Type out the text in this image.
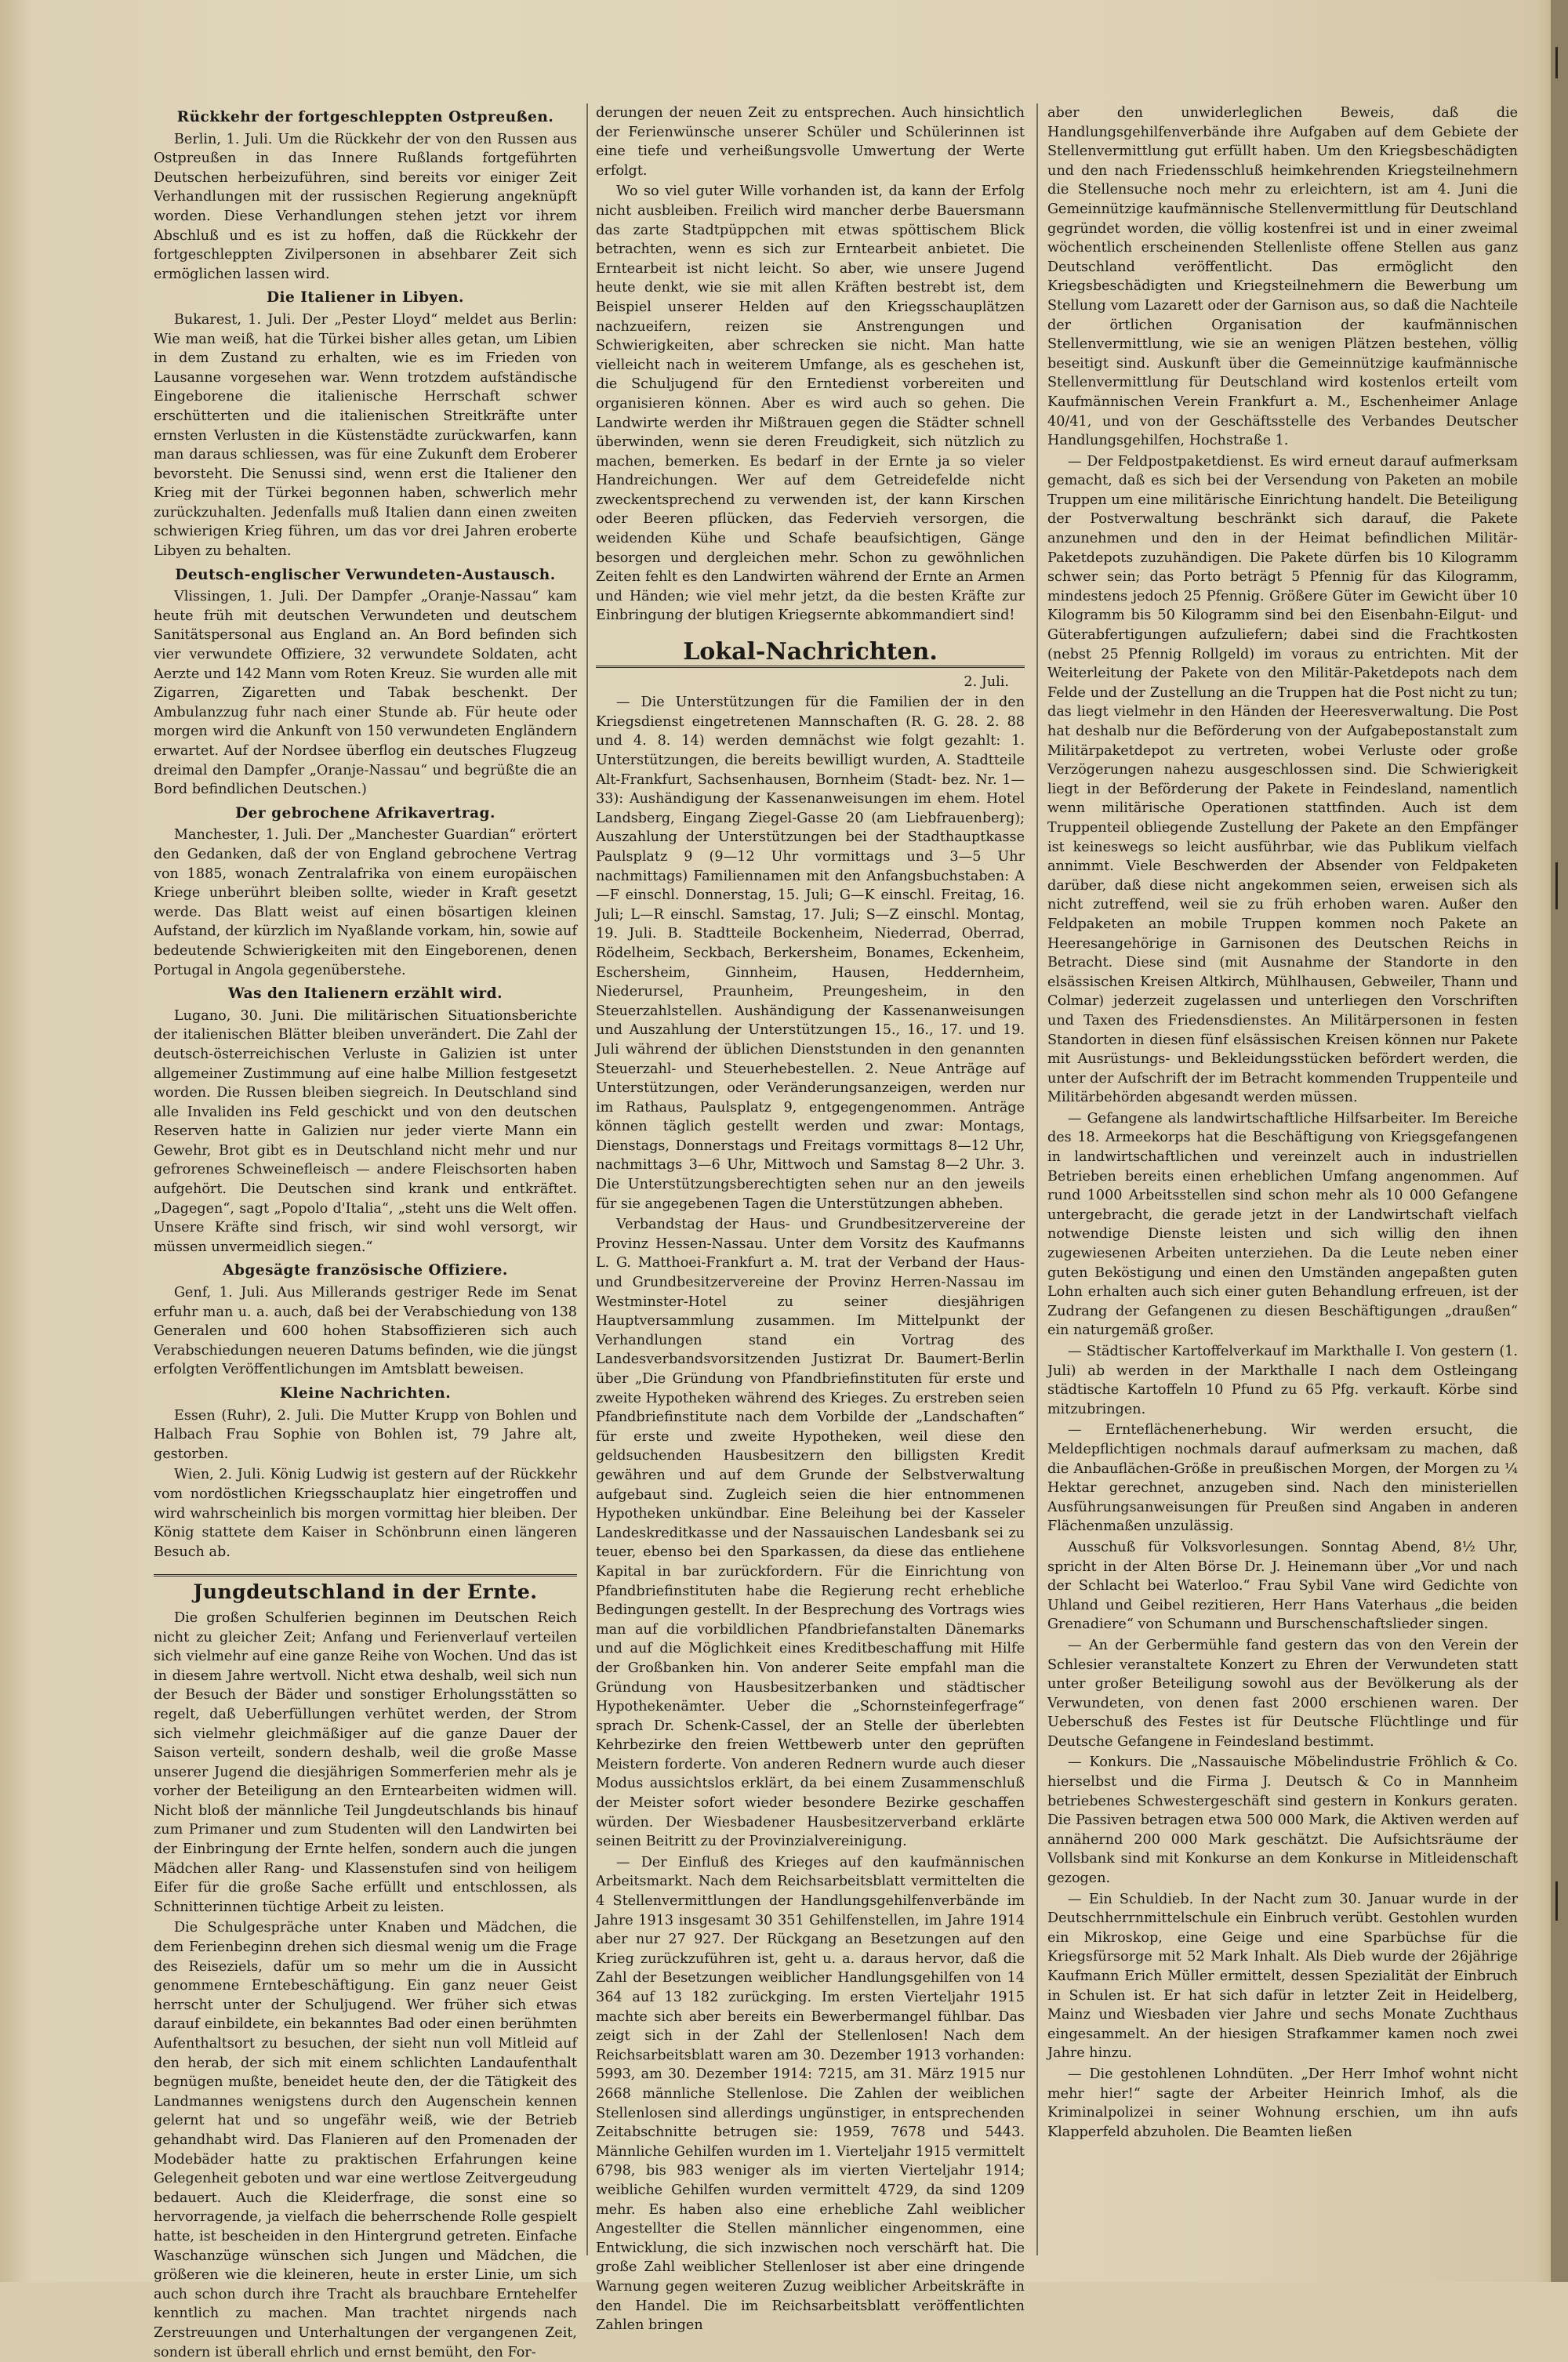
Rückkehr der fortgeschleppten Ostpreußen.

Berlin, 1. Juli. Um die Rückkehr der von den Russen aus Ostpreußen in das Innere Rußlands fortgeführten Deutschen herbeizuführen, sind bereits vor einiger Zeit Verhandlungen mit der russischen Regierung angeknüpft worden. Diese Verhandlungen stehen jetzt vor ihrem Abschluß und es ist zu hoffen, daß die Rückkehr der fortgeschleppten Zivilpersonen in absehbarer Zeit sich ermöglichen lassen wird.

Die Italiener in Libyen.

Bukarest, 1. Juli. Der „Pester Lloyd“ meldet aus Berlin: Wie man weiß, hat die Türkei bisher alles getan, um Libien in dem Zustand zu erhalten, wie es im Frieden von Lausanne vorgesehen war. Wenn trotzdem aufständische Eingeborene die italienische Herrschaft schwer erschütterten und die italienischen Streitkräfte unter ernsten Verlusten in die Küstenstädte zurückwarfen, kann man daraus schliessen, was für eine Zukunft dem Eroberer bevorsteht. Die Senussi sind, wenn erst die Italiener den Krieg mit der Türkei begonnen haben, schwerlich mehr zurückzuhalten. Jedenfalls muß Italien dann einen zweiten schwierigen Krieg führen, um das vor drei Jahren eroberte Libyen zu behalten.

Deutsch-englischer Verwundeten-Austausch.

Vlissingen, 1. Juli. Der Dampfer „Oranje-Nassau“ kam heute früh mit deutschen Verwundeten und deutschem Sanitätspersonal aus England an. An Bord befinden sich vier verwundete Offiziere, 32 verwundete Soldaten, acht Aerzte und 142 Mann vom Roten Kreuz. Sie wurden alle mit Zigarren, Zigaretten und Tabak beschenkt. Der Ambulanzzug fuhr nach einer Stunde ab. Für heute oder morgen wird die Ankunft von 150 verwundeten Engländern erwartet. Auf der Nordsee überflog ein deutsches Flugzeug dreimal den Dampfer „Oranje-Nassau“ und begrüßte die an Bord befindlichen Deutschen.)

Der gebrochene Afrikavertrag.

Manchester, 1. Juli. Der „Manchester Guardian“ erörtert den Gedanken, daß der von England gebrochene Vertrag von 1885, wonach Zentralafrika von einem europäischen Kriege unberührt bleiben sollte, wieder in Kraft gesetzt werde. Das Blatt weist auf einen bösartigen kleinen Aufstand, der kürzlich im Nyaßlande vorkam, hin, sowie auf bedeutende Schwierigkeiten mit den Eingeborenen, denen Portugal in Angola gegenüberstehe.

Was den Italienern erzählt wird.

Lugano, 30. Juni. Die militärischen Situationsberichte der italienischen Blätter bleiben unverändert. Die Zahl der deutsch-österreichischen Verluste in Galizien ist unter allgemeiner Zustimmung auf eine halbe Million festgesetzt worden. Die Russen bleiben siegreich. In Deutschland sind alle Invaliden ins Feld geschickt und von den deutschen Reserven hatte in Galizien nur jeder vierte Mann ein Gewehr, Brot gibt es in Deutschland nicht mehr und nur gefrorenes Schweinefleisch — andere Fleischsorten haben aufgehört. Die Deutschen sind krank und entkräftet. „Dagegen“, sagt „Popolo d'Italia“, „steht uns die Welt offen. Unsere Kräfte sind frisch, wir sind wohl versorgt, wir müssen unvermeidlich siegen.“

Abgesägte französische Offiziere.

Genf, 1. Juli. Aus Millerands gestriger Rede im Senat erfuhr man u. a. auch, daß bei der Verabschiedung von 138 Generalen und 600 hohen Stabsoffizieren sich auch Verabschiedungen neueren Datums befinden, wie die jüngst erfolgten Veröffentlichungen im Amtsblatt beweisen.

Kleine Nachrichten.

Essen (Ruhr), 2. Juli. Die Mutter Krupp von Bohlen und Halbach Frau Sophie von Bohlen ist, 79 Jahre alt, gestorben.

Wien, 2. Juli. König Ludwig ist gestern auf der Rückkehr vom nordöstlichen Kriegsschauplatz hier eingetroffen und wird wahrscheinlich bis morgen vormittag hier bleiben. Der König stattete dem Kaiser in Schönbrunn einen längeren Besuch ab.

Jungdeutschland in der Ernte.

Die großen Schulferien beginnen im Deutschen Reich nicht zu gleicher Zeit; Anfang und Ferienverlauf verteilen sich vielmehr auf eine ganze Reihe von Wochen. Und das ist in diesem Jahre wertvoll. Nicht etwa deshalb, weil sich nun der Besuch der Bäder und sonstiger Erholungsstätten so regelt, daß Ueberfüllungen verhütet werden, der Strom sich vielmehr gleichmäßiger auf die ganze Dauer der Saison verteilt, sondern deshalb, weil die große Masse unserer Jugend die diesjährigen Sommerferien mehr als je vorher der Beteiligung an den Erntearbeiten widmen will. Nicht bloß der männliche Teil Jungdeutschlands bis hinauf zum Primaner und zum Studenten will den Landwirten bei der Einbringung der Ernte helfen, sondern auch die jungen Mädchen aller Rang- und Klassenstufen sind von heiligem Eifer für die große Sache erfüllt und entschlossen, als Schnitterinnen tüchtige Arbeit zu leisten.

Die Schulgespräche unter Knaben und Mädchen, die dem Ferienbeginn drehen sich diesmal wenig um die Frage des Reiseziels, dafür um so mehr um die in Aussicht genommene Erntebeschäftigung. Ein ganz neuer Geist herrscht unter der Schuljugend. Wer früher sich etwas darauf einbildete, ein bekanntes Bad oder einen berühmten Aufenthaltsort zu besuchen, der sieht nun voll Mitleid auf den herab, der sich mit einem schlichten Landaufenthalt begnügen mußte, beneidet heute den, der die Tätigkeit des Landmannes wenigstens durch den Augenschein kennen gelernt hat und so ungefähr weiß, wie der Betrieb gehandhabt wird. Das Flanieren auf den Promenaden der Modebäder hatte zu praktischen Erfahrungen keine Gelegenheit geboten und war eine wertlose Zeitvergeudung bedauert. Auch die Kleiderfrage, die sonst eine so hervorragende, ja vielfach die beherrschende Rolle gespielt hatte, ist bescheiden in den Hintergrund getreten. Einfache Waschanzüge wünschen sich Jungen und Mädchen, die größeren wie die kleineren, heute in erster Linie, um sich auch schon durch ihre Tracht als brauchbare Erntehelfer kenntlich zu machen. Man trachtet nirgends nach Zerstreuungen und Unterhaltungen der vergangenen Zeit, sondern ist überall ehrlich und ernst bemüht, den For-

derungen der neuen Zeit zu entsprechen. Auch hinsichtlich der Ferienwünsche unserer Schüler und Schülerinnen ist eine tiefe und verheißungsvolle Umwertung der Werte erfolgt.

Wo so viel guter Wille vorhanden ist, da kann der Erfolg nicht ausbleiben. Freilich wird mancher derbe Bauersmann das zarte Stadtpüppchen mit etwas spöttischem Blick betrachten, wenn es sich zur Erntearbeit anbietet. Die Erntearbeit ist nicht leicht. So aber, wie unsere Jugend heute denkt, wie sie mit allen Kräften bestrebt ist, dem Beispiel unserer Helden auf den Kriegsschauplätzen nachzueifern, reizen sie Anstrengungen und Schwierigkeiten, aber schrecken sie nicht. Man hatte vielleicht nach in weiterem Umfange, als es geschehen ist, die Schuljugend für den Erntedienst vorbereiten und organisieren können. Aber es wird auch so gehen. Die Landwirte werden ihr Mißtrauen gegen die Städter schnell überwinden, wenn sie deren Freudigkeit, sich nützlich zu machen, bemerken. Es bedarf in der Ernte ja so vieler Handreichungen. Wer auf dem Getreidefelde nicht zweckentsprechend zu verwenden ist, der kann Kirschen oder Beeren pflücken, das Federvieh versorgen, die weidenden Kühe und Schafe beaufsichtigen, Gänge besorgen und dergleichen mehr. Schon zu gewöhnlichen Zeiten fehlt es den Landwirten während der Ernte an Armen und Händen; wie viel mehr jetzt, da die besten Kräfte zur Einbringung der blutigen Kriegsernte abkommandiert sind!

Lokal-Nachrichten.

2. Juli.

— Die Unterstützungen für die Familien der in den Kriegsdienst eingetretenen Mannschaften (R. G. 28. 2. 88 und 4. 8. 14) werden demnächst wie folgt gezahlt: 1. Unterstützungen, die bereits bewilligt wurden, A. Stadtteile Alt-Frankfurt, Sachsenhausen, Bornheim (Stadt- bez. Nr. 1—33): Aushändigung der Kassenanweisungen im ehem. Hotel Landsberg, Eingang Ziegel-Gasse 20 (am Liebfrauenberg); Auszahlung der Unterstützungen bei der Stadthauptkasse Paulsplatz 9 (9—12 Uhr vormittags und 3—5 Uhr nachmittags) Familiennamen mit den Anfangsbuchstaben: A—F einschl. Donnerstag, 15. Juli; G—K einschl. Freitag, 16. Juli; L—R einschl. Samstag, 17. Juli; S—Z einschl. Montag, 19. Juli. B. Stadtteile Bockenheim, Niederrad, Oberrad, Rödelheim, Seckbach, Berkersheim, Bonames, Eckenheim, Eschersheim, Ginnheim, Hausen, Heddernheim, Niederursel, Praunheim, Preungesheim, in den Steuerzahlstellen. Aushändigung der Kassenanweisungen und Auszahlung der Unterstützungen 15., 16., 17. und 19. Juli während der üblichen Dienststunden in den genannten Steuerzahl- und Steuerhebestellen. 2. Neue Anträge auf Unterstützungen, oder Veränderungsanzeigen, werden nur im Rathaus, Paulsplatz 9, entgegengenommen. Anträge können täglich gestellt werden und zwar: Montags, Dienstags, Donnerstags und Freitags vormittags 8—12 Uhr, nachmittags 3—6 Uhr, Mittwoch und Samstag 8—2 Uhr. 3. Die Unterstützungsberechtigten sehen nur an den jeweils für sie angegebenen Tagen die Unterstützungen abheben.

Verbandstag der Haus- und Grundbesitzervereine der Provinz Hessen-Nassau. Unter dem Vorsitz des Kaufmanns L. G. Matthoei-Frankfurt a. M. trat der Verband der Haus- und Grundbesitzervereine der Provinz Herren-Nassau im Westminster-Hotel zu seiner diesjährigen Hauptversammlung zusammen. Im Mittelpunkt der Verhandlungen stand ein Vortrag des Landesverbandsvorsitzenden Justizrat Dr. Baumert-Berlin über „Die Gründung von Pfandbriefinstituten für erste und zweite Hypotheken während des Krieges. Zu erstreben seien Pfandbriefinstitute nach dem Vorbilde der „Landschaften“ für erste und zweite Hypotheken, weil diese den geldsuchenden Hausbesitzern den billigsten Kredit gewähren und auf dem Grunde der Selbstverwaltung aufgebaut sind. Zugleich seien die hier entnommenen Hypotheken unkündbar. Eine Beleihung bei der Kasseler Landeskreditkasse und der Nassauischen Landesbank sei zu teuer, ebenso bei den Sparkassen, da diese das entliehene Kapital in bar zurückfordern. Für die Einrichtung von Pfandbriefinstituten habe die Regierung recht erhebliche Bedingungen gestellt. In der Besprechung des Vortrags wies man auf die vorbildlichen Pfandbriefanstalten Dänemarks und auf die Möglichkeit eines Kreditbeschaffung mit Hilfe der Großbanken hin. Von anderer Seite empfahl man die Gründung von Hausbesitzerbanken und städtischer Hypothekenämter. Ueber die „Schornsteinfegerfrage“ sprach Dr. Schenk-Cassel, der an Stelle der überlebten Kehrbezirke den freien Wettbewerb unter den geprüften Meistern forderte. Von anderen Rednern wurde auch dieser Modus aussichtslos erklärt, da bei einem Zusammenschluß der Meister sofort wieder besondere Bezirke geschaffen würden. Der Wiesbadener Hausbesitzerverband erklärte seinen Beitritt zu der Provinzialvereinigung.

— Der Einfluß des Krieges auf den kaufmännischen Arbeitsmarkt. Nach dem Reichsarbeitsblatt vermittelten die 4 Stellenvermittlungen der Handlungsgehilfenverbände im Jahre 1913 insgesamt 30 351 Gehilfenstellen, im Jahre 1914 aber nur 27 927. Der Rückgang an Besetzungen auf den Krieg zurückzuführen ist, geht u. a. daraus hervor, daß die Zahl der Besetzungen weiblicher Handlungsgehilfen von 14 364 auf 13 182 zurückging. Im ersten Vierteljahr 1915 machte sich aber bereits ein Bewerbermangel fühlbar. Das zeigt sich in der Zahl der Stellenlosen! Nach dem Reichsarbeitsblatt waren am 30. Dezember 1913 vorhanden: 5993, am 30. Dezember 1914: 7215, am 31. März 1915 nur 2668 männliche Stellenlose. Die Zahlen der weiblichen Stellenlosen sind allerdings ungünstiger, in entsprechenden Zeitabschnitte betrugen sie: 1959, 7678 und 5443. Männliche Gehilfen wurden im 1. Vierteljahr 1915 vermittelt 6798, bis 983 weniger als im vierten Vierteljahr 1914; weibliche Gehilfen wurden vermittelt 4729, da sind 1209 mehr. Es haben also eine erhebliche Zahl weiblicher Angestellter die Stellen männlicher eingenommen, eine Entwicklung, die sich inzwischen noch verschärft hat. Die große Zahl weiblicher Stellenloser ist aber eine dringende Warnung gegen weiteren Zuzug weiblicher Arbeitskräfte in den Handel. Die im Reichsarbeitsblatt veröffentlichten Zahlen bringen

aber den unwiderleglichen Beweis, daß die Handlungsgehilfenverbände ihre Aufgaben auf dem Gebiete der Stellenvermittlung gut erfüllt haben. Um den Kriegsbeschädigten und den nach Friedensschluß heimkehrenden Kriegsteilnehmern die Stellensuche noch mehr zu erleichtern, ist am 4. Juni die Gemeinnützige kaufmännische Stellenvermittlung für Deutschland gegründet worden, die völlig kostenfrei ist und in einer zweimal wöchentlich erscheinenden Stellenliste offene Stellen aus ganz Deutschland veröffentlicht. Das ermöglicht den Kriegsbeschädigten und Kriegsteilnehmern die Bewerbung um Stellung vom Lazarett oder der Garnison aus, so daß die Nachteile der örtlichen Organisation der kaufmännischen Stellenvermittlung, wie sie an wenigen Plätzen bestehen, völlig beseitigt sind. Auskunft über die Gemeinnützige kaufmännische Stellenvermittlung für Deutschland wird kostenlos erteilt vom Kaufmännischen Verein Frankfurt a. M., Eschenheimer Anlage 40/41, und von der Geschäftsstelle des Verbandes Deutscher Handlungsgehilfen, Hochstraße 1.

— Der Feldpostpaketdienst. Es wird erneut darauf aufmerksam gemacht, daß es sich bei der Versendung von Paketen an mobile Truppen um eine militärische Einrichtung handelt. Die Beteiligung der Postverwaltung beschränkt sich darauf, die Pakete anzunehmen und den in der Heimat befindlichen Militär-Paketdepots zuzuhändigen. Die Pakete dürfen bis 10 Kilogramm schwer sein; das Porto beträgt 5 Pfennig für das Kilogramm, mindestens jedoch 25 Pfennig. Größere Güter im Gewicht über 10 Kilogramm bis 50 Kilogramm sind bei den Eisenbahn-Eilgut- und Güterabfertigungen aufzuliefern; dabei sind die Frachtkosten (nebst 25 Pfennig Rollgeld) im voraus zu entrichten. Mit der Weiterleitung der Pakete von den Militär-Paketdepots nach dem Felde und der Zustellung an die Truppen hat die Post nicht zu tun; das liegt vielmehr in den Händen der Heeresverwaltung. Die Post hat deshalb nur die Beförderung von der Aufgabepostanstalt zum Militärpaketdepot zu vertreten, wobei Verluste oder große Verzögerungen nahezu ausgeschlossen sind. Die Schwierigkeit liegt in der Beförderung der Pakete in Feindesland, namentlich wenn militärische Operationen stattfinden. Auch ist dem Truppenteil obliegende Zustellung der Pakete an den Empfänger ist keineswegs so leicht ausführbar, wie das Publikum vielfach annimmt. Viele Beschwerden der Absender von Feldpaketen darüber, daß diese nicht angekommen seien, erweisen sich als nicht zutreffend, weil sie zu früh erhoben waren. Außer den Feldpaketen an mobile Truppen kommen noch Pakete an Heeresangehörige in Garnisonen des Deutschen Reichs in Betracht. Diese sind (mit Ausnahme der Standorte in den elsässischen Kreisen Altkirch, Mühlhausen, Gebweiler, Thann und Colmar) jederzeit zugelassen und unterliegen den Vorschriften und Taxen des Friedensdienstes. An Militärpersonen in festen Standorten in diesen fünf elsässischen Kreisen können nur Pakete mit Ausrüstungs- und Bekleidungsstücken befördert werden, die unter der Aufschrift der im Betracht kommenden Truppenteile und Militärbehörden abgesandt werden müssen.

— Gefangene als landwirtschaftliche Hilfsarbeiter. Im Bereiche des 18. Armeekorps hat die Beschäftigung von Kriegsgefangenen in landwirtschaftlichen und vereinzelt auch in industriellen Betrieben bereits einen erheblichen Umfang angenommen. Auf rund 1000 Arbeitsstellen sind schon mehr als 10 000 Gefangene untergebracht, die gerade jetzt in der Landwirtschaft vielfach notwendige Dienste leisten und sich willig den ihnen zugewiesenen Arbeiten unterziehen. Da die Leute neben einer guten Beköstigung und einen den Umständen angepaßten guten Lohn erhalten auch sich einer guten Behandlung erfreuen, ist der Zudrang der Gefangenen zu diesen Beschäftigungen „draußen“ ein naturgemäß großer.

— Städtischer Kartoffelverkauf im Markthalle I. Von gestern (1. Juli) ab werden in der Markthalle I nach dem Ostleingang städtische Kartoffeln 10 Pfund zu 65 Pfg. verkauft. Körbe sind mitzubringen.

— Ernteflächenerhebung. Wir werden ersucht, die Meldepflichtigen nochmals darauf aufmerksam zu machen, daß die Anbauflächen-Größe in preußischen Morgen, der Morgen zu ¼ Hektar gerechnet, anzugeben sind. Nach den ministeriellen Ausführungsanweisungen für Preußen sind Angaben in anderen Flächenmaßen unzulässig.

Ausschuß für Volksvorlesungen. Sonntag Abend, 8½ Uhr, spricht in der Alten Börse Dr. J. Heinemann über „Vor und nach der Schlacht bei Waterloo.“ Frau Sybil Vane wird Gedichte von Uhland und Geibel rezitieren, Herr Hans Vaterhaus „die beiden Grenadiere“ von Schumann und Burschenschaftslieder singen.

— An der Gerbermühle fand gestern das von den Verein der Schlesier veranstaltete Konzert zu Ehren der Verwundeten statt unter großer Beteiligung sowohl aus der Bevölkerung als der Verwundeten, von denen fast 2000 erschienen waren. Der Ueberschuß des Festes ist für Deutsche Flüchtlinge und für Deutsche Gefangene in Feindesland bestimmt.

— Konkurs. Die „Nassauische Möbelindustrie Fröhlich & Co. hierselbst und die Firma J. Deutsch & Co in Mannheim betriebenes Schwestergeschäft sind gestern in Konkurs geraten. Die Passiven betragen etwa 500 000 Mark, die Aktiven werden auf annähernd 200 000 Mark geschätzt. Die Aufsichtsräume der Vollsbank sind mit Konkurse an dem Konkurse in Mitleidenschaft gezogen.

— Ein Schuldieb. In der Nacht zum 30. Januar wurde in der Deutschherrnmittelschule ein Einbruch verübt. Gestohlen wurden ein Mikroskop, eine Geige und eine Sparbüchse für die Kriegsfürsorge mit 52 Mark Inhalt. Als Dieb wurde der 26jährige Kaufmann Erich Müller ermittelt, dessen Spezialität der Einbruch in Schulen ist. Er hat sich dafür in letzter Zeit in Heidelberg, Mainz und Wiesbaden vier Jahre und sechs Monate Zuchthaus eingesammelt. An der hiesigen Strafkammer kamen noch zwei Jahre hinzu.

— Die gestohlenen Lohndüten. „Der Herr Imhof wohnt nicht mehr hier!“ sagte der Arbeiter Heinrich Imhof, als die Kriminalpolizei in seiner Wohnung erschien, um ihn aufs Klapperfeld abzuholen. Die Beamten ließen
